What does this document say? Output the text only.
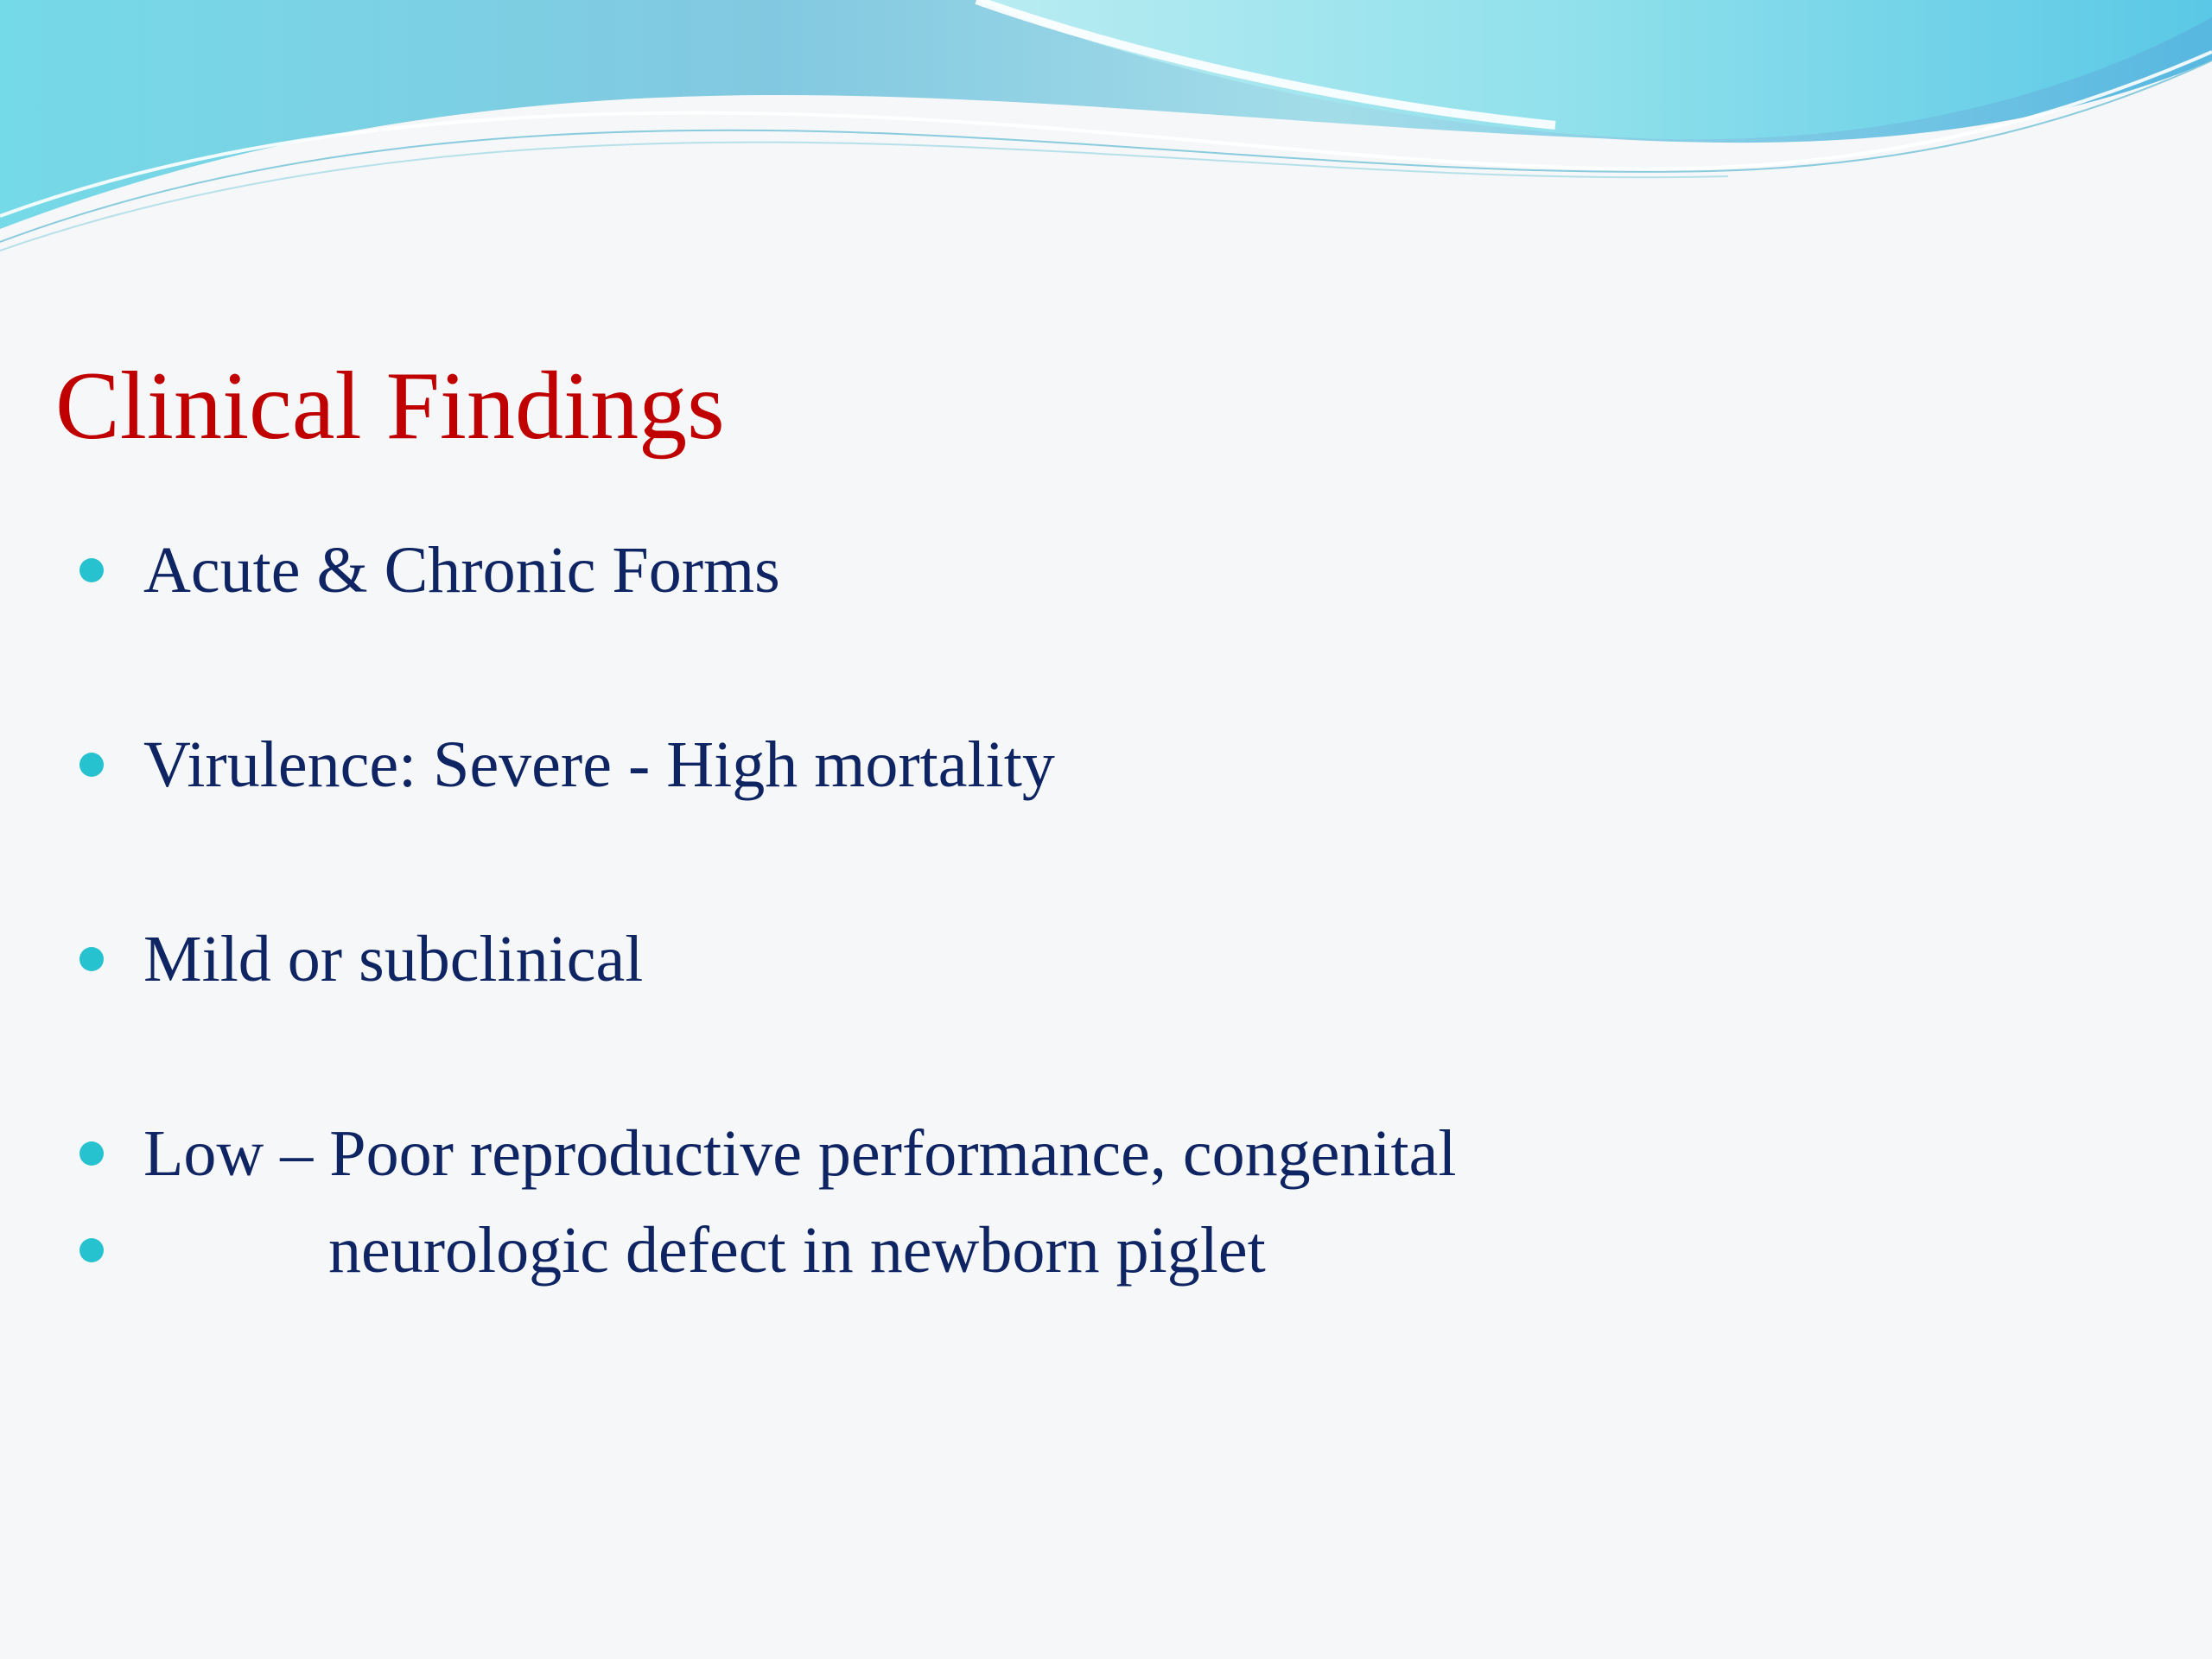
Clinical Findings
Acute & Chronic Forms
Virulence: Severe - High mortality
Mild or subclinical
Low – Poor reproductive performance, congenital
neurologic defect in newborn piglet
